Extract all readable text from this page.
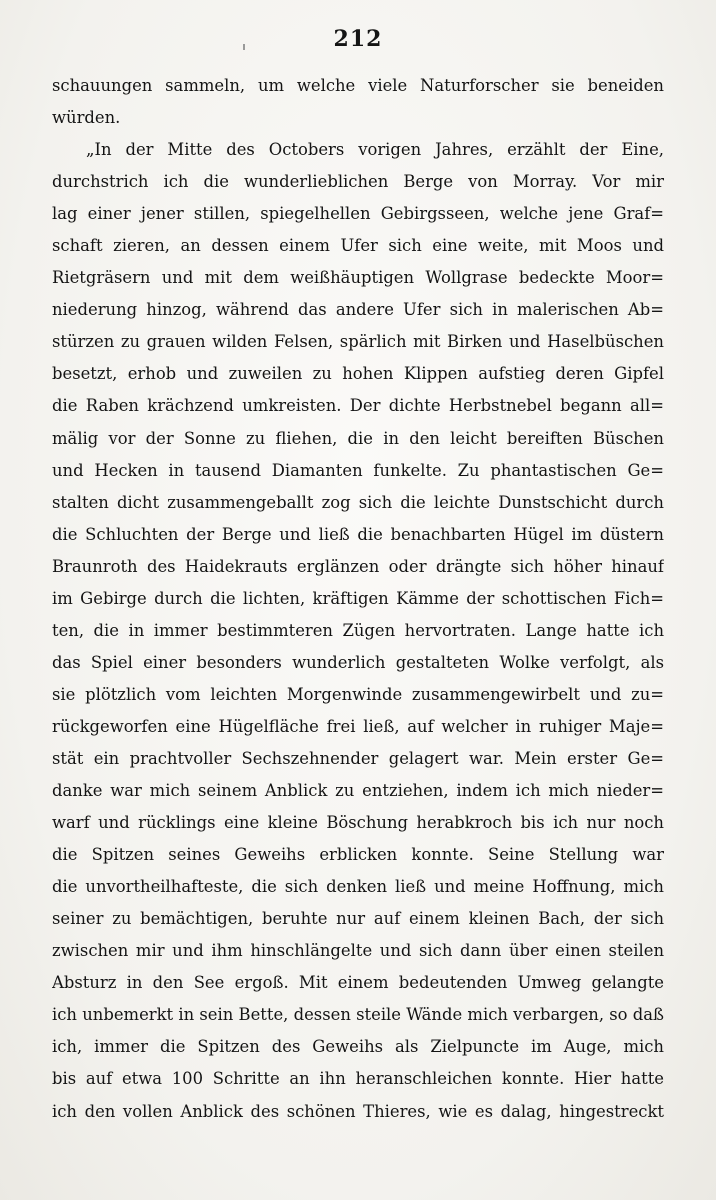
212
schauungen sammeln, um welche viele Naturforscher sie beneiden
würden.
„In der Mitte des Octobers vorigen Jahres, erzählt der Eine,
durchstrich ich die wunderlieblichen Berge von Morray. Vor mir
lag einer jener stillen, spiegelhellen Gebirgsseen, welche jene Graf=
schaft zieren, an dessen einem Ufer sich eine weite, mit Moos und
Rietgräsern und mit dem weißhäuptigen Wollgrase bedeckte Moor=
niederung hinzog, während das andere Ufer sich in malerischen Ab=
stürzen zu grauen wilden Felsen, spärlich mit Birken und Haselbüschen
besetzt, erhob und zuweilen zu hohen Klippen aufstieg deren Gipfel
die Raben krächzend umkreisten. Der dichte Herbstnebel begann all=
mälig vor der Sonne zu fliehen, die in den leicht bereiften Büschen
und Hecken in tausend Diamanten funkelte. Zu phantastischen Ge=
stalten dicht zusammengeballt zog sich die leichte Dunstschicht durch
die Schluchten der Berge und ließ die benachbarten Hügel im düstern
Braunroth des Haidekrauts erglänzen oder drängte sich höher hinauf
im Gebirge durch die lichten, kräftigen Kämme der schottischen Fich=
ten, die in immer bestimmteren Zügen hervortraten. Lange hatte ich
das Spiel einer besonders wunderlich gestalteten Wolke verfolgt, als
sie plötzlich vom leichten Morgenwinde zusammengewirbelt und zu=
rückgeworfen eine Hügelfläche frei ließ, auf welcher in ruhiger Maje=
stät ein prachtvoller Sechszehnender gelagert war. Mein erster Ge=
danke war mich seinem Anblick zu entziehen, indem ich mich nieder=
warf und rücklings eine kleine Böschung herabkroch bis ich nur noch
die Spitzen seines Geweihs erblicken konnte. Seine Stellung war
die unvortheilhafteste, die sich denken ließ und meine Hoffnung, mich
seiner zu bemächtigen, beruhte nur auf einem kleinen Bach, der sich
zwischen mir und ihm hinschlängelte und sich dann über einen steilen
Absturz in den See ergoß. Mit einem bedeutenden Umweg gelangte
ich unbemerkt in sein Bette, dessen steile Wände mich verbargen, so daß
ich, immer die Spitzen des Geweihs als Zielpuncte im Auge, mich
bis auf etwa 100 Schritte an ihn heranschleichen konnte. Hier hatte
ich den vollen Anblick des schönen Thieres, wie es dalag, hingestreckt
